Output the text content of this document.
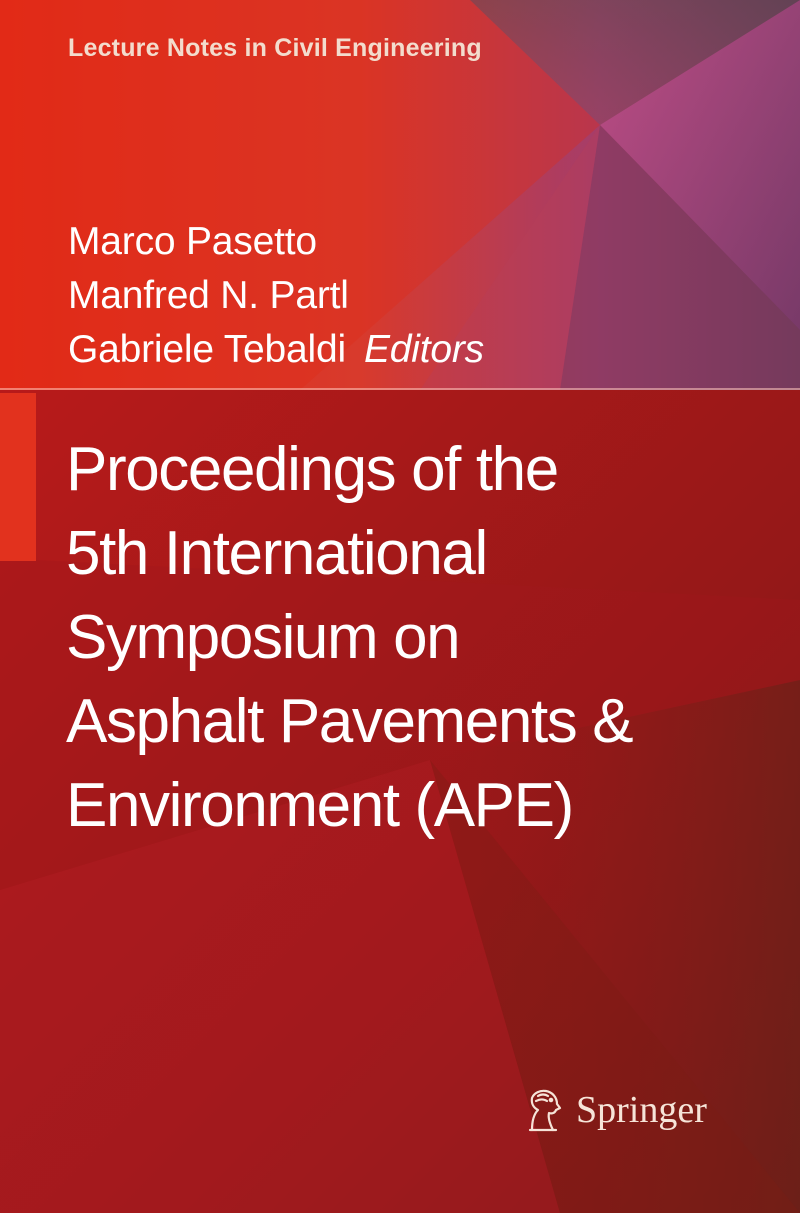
Lecture Notes in Civil Engineering
Marco Pasetto
Manfred N. Partl
Gabriele Tebaldi Editors
Proceedings of the
5th International
Symposium on
Asphalt Pavements &
Environment (APE)
Springer
